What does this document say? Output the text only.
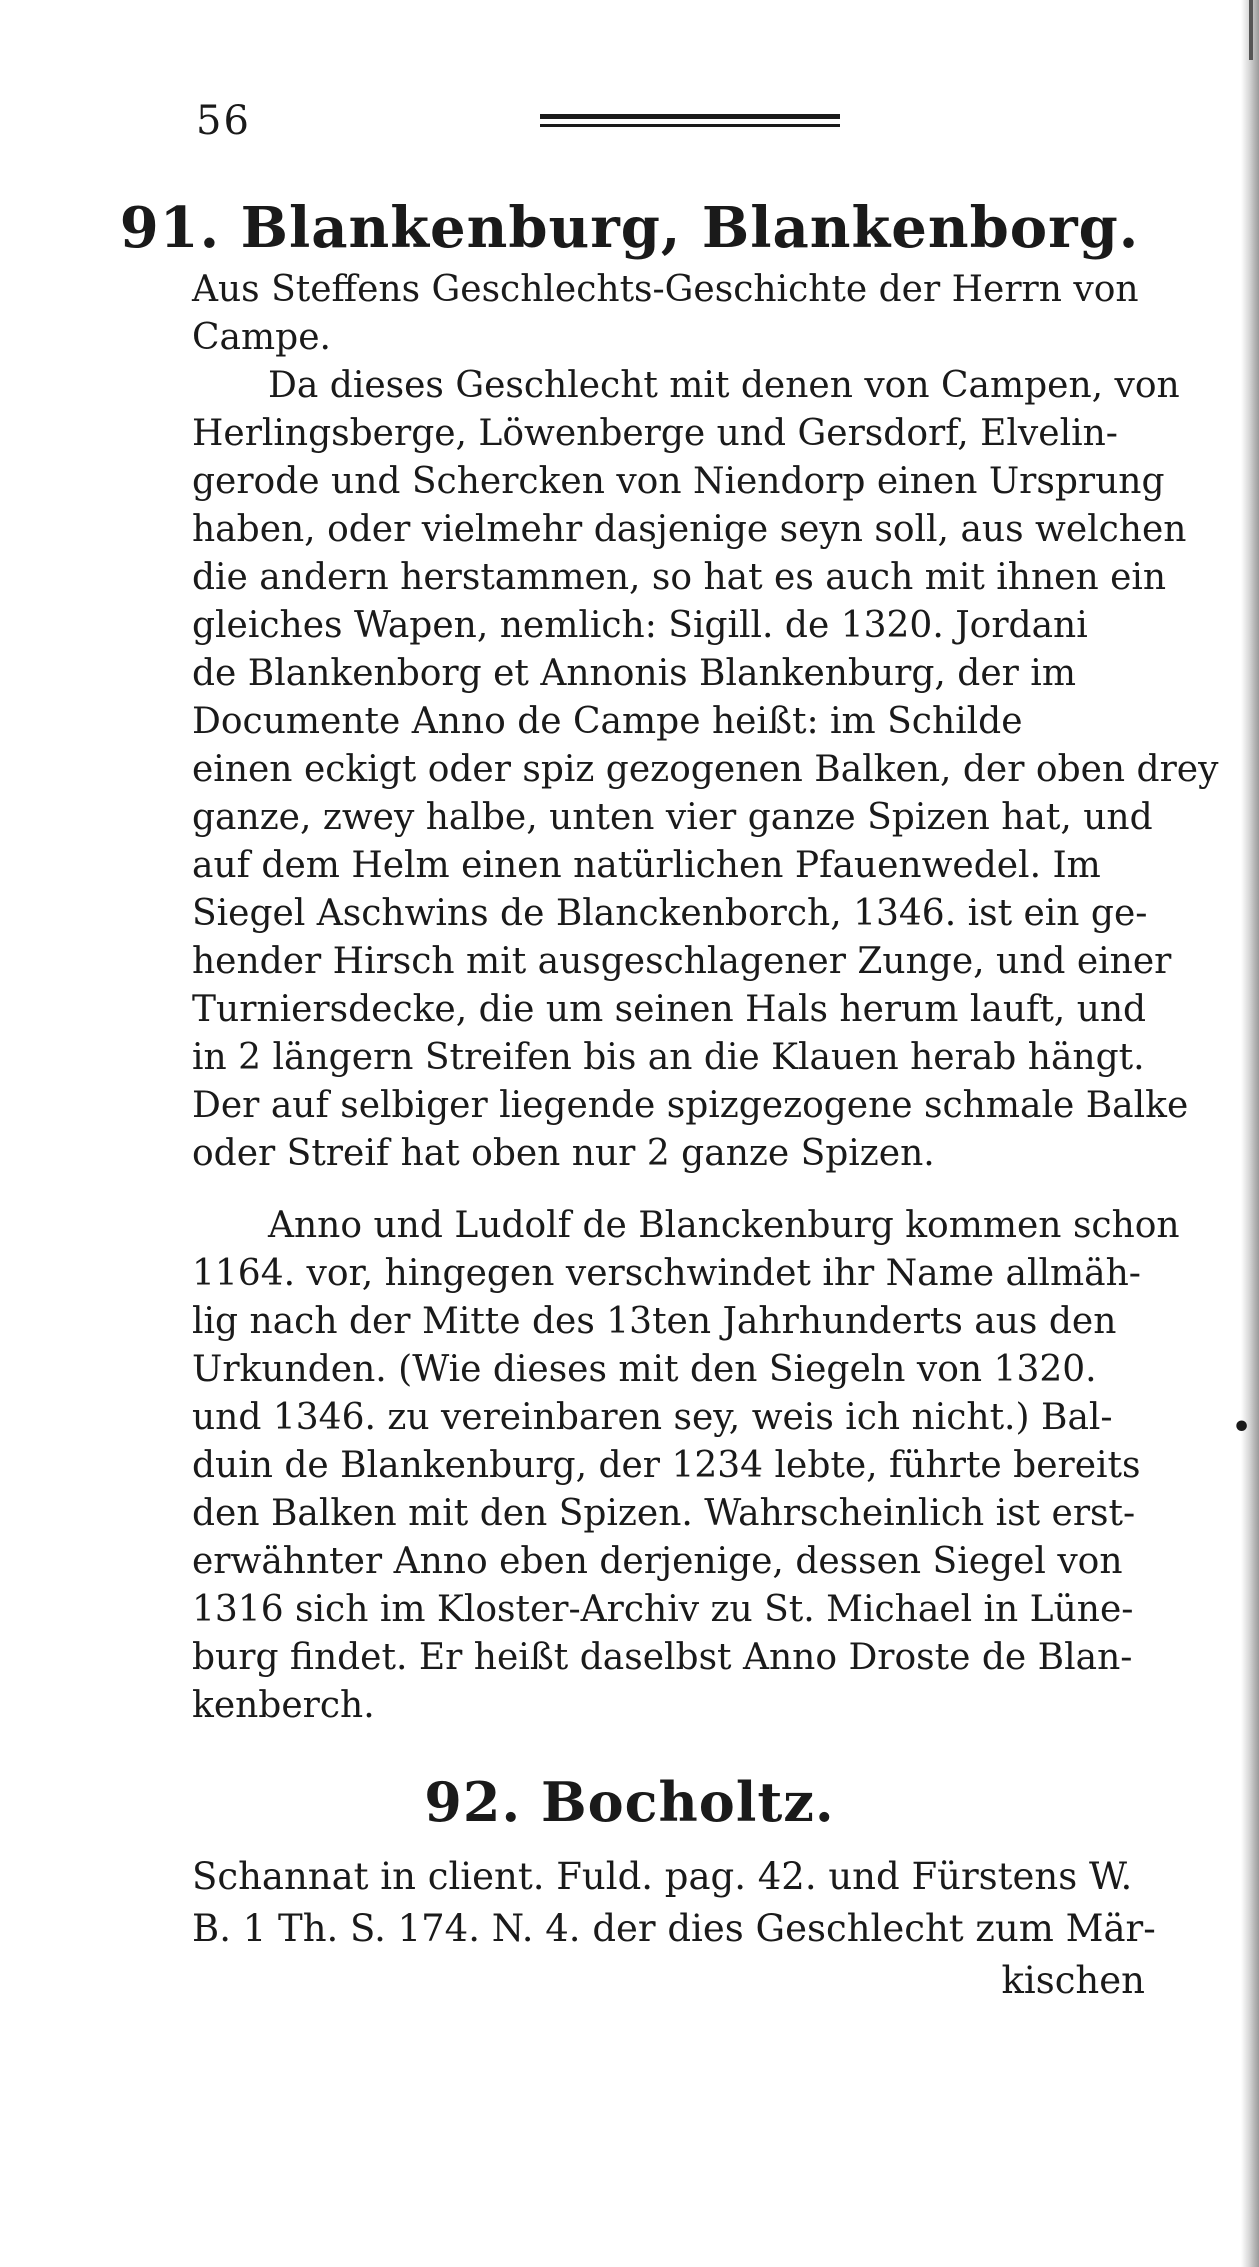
56
91. Blankenburg, Blankenborg.
Aus Steffens Geschlechts-Geschichte der Herrn von
Campe.
Da dieses Geschlecht mit denen von Campen, von
Herlingsberge, Löwenberge und Gersdorf, Elvelin-
gerode und Schercken von Niendorp einen Ursprung
haben, oder vielmehr dasjenige seyn soll, aus welchen
die andern herstammen, so hat es auch mit ihnen ein
gleiches Wapen, nemlich: Sigill. de 1320. Jordani
de Blankenborg et Annonis Blankenburg, der im
Documente Anno de Campe heißt: im Schilde
einen eckigt oder spiz gezogenen Balken, der oben drey
ganze, zwey halbe, unten vier ganze Spizen hat, und
auf dem Helm einen natürlichen Pfauenwedel. Im
Siegel Aschwins de Blanckenborch, 1346. ist ein ge-
hender Hirsch mit ausgeschlagener Zunge, und einer
Turniersdecke, die um seinen Hals herum lauft, und
in 2 längern Streifen bis an die Klauen herab hängt.
Der auf selbiger liegende spizgezogene schmale Balke
oder Streif hat oben nur 2 ganze Spizen.
Anno und Ludolf de Blanckenburg kommen schon
1164. vor, hingegen verschwindet ihr Name allmäh-
lig nach der Mitte des 13ten Jahrhunderts aus den
Urkunden. (Wie dieses mit den Siegeln von 1320.
und 1346. zu vereinbaren sey, weis ich nicht.) Bal-
duin de Blankenburg, der 1234 lebte, führte bereits
den Balken mit den Spizen. Wahrscheinlich ist erst-
erwähnter Anno eben derjenige, dessen Siegel von
1316 sich im Kloster-Archiv zu St. Michael in Lüne-
burg findet. Er heißt daselbst Anno Droste de Blan-
kenberch.
•
92. Bocholtz.
Schannat in client. Fuld. pag. 42. und Fürstens W.
B. 1 Th. S. 174. N. 4. der dies Geschlecht zum Mär-
kischen
